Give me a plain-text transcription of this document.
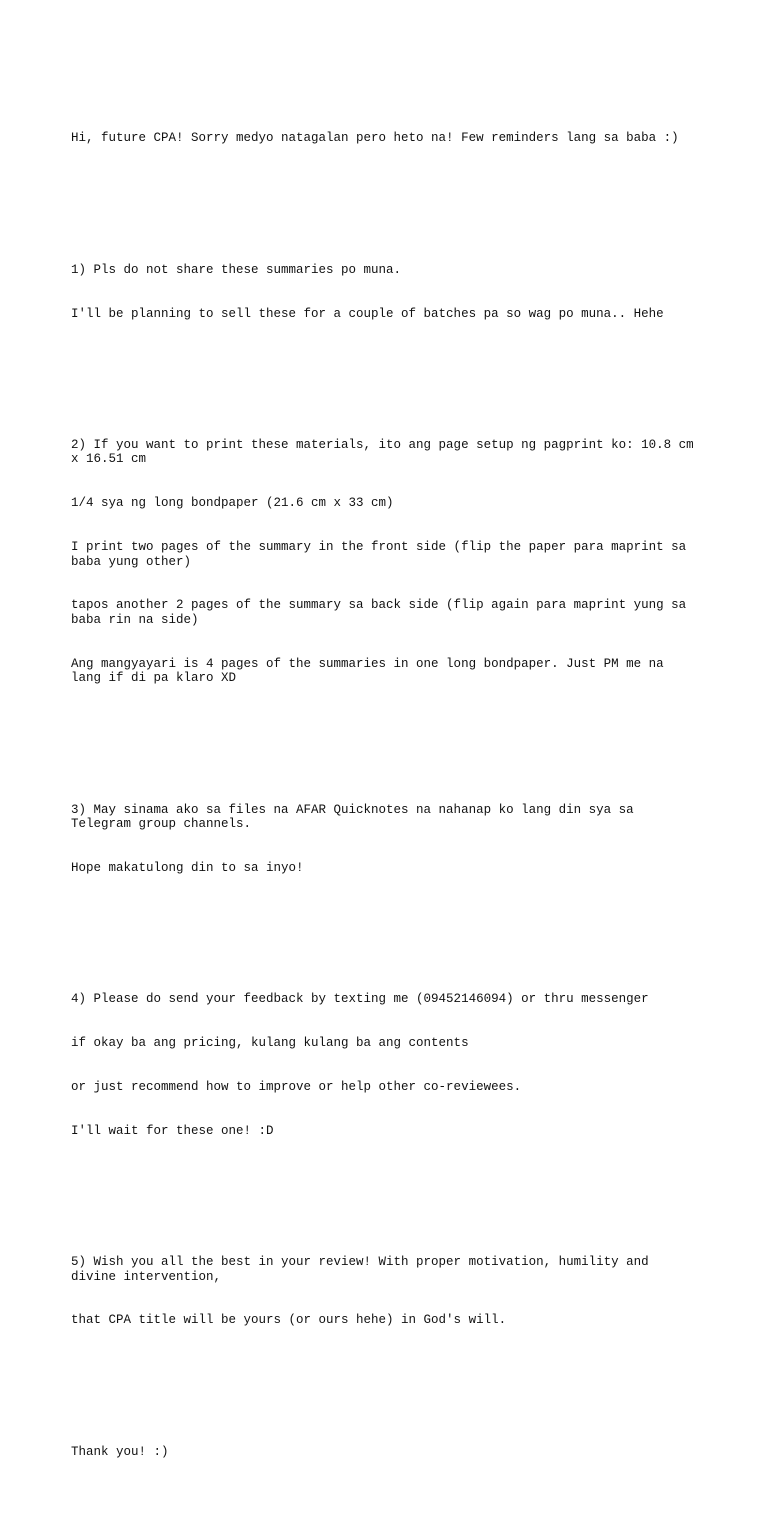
Hi, future CPA! Sorry medyo natagalan pero heto na! Few reminders lang sa baba :)

1) Pls do not share these summaries po muna.

I'll be planning to sell these for a couple of batches pa so wag po muna.. Hehe

2) If you want to print these materials, ito ang page setup ng pagprint ko: 10.8 cm x 16.51 cm

1/4 sya ng long bondpaper (21.6 cm x 33 cm)

I print two pages of the summary in the front side (flip the paper para maprint sa baba yung other)

tapos another 2 pages of the summary sa back side (flip again para maprint yung sa baba rin na side)

Ang mangyayari is 4 pages of the summaries in one long bondpaper. Just PM me na lang if di pa klaro XD

3) May sinama ako sa files na AFAR Quicknotes na nahanap ko lang din sya sa Telegram group channels.

Hope makatulong din to sa inyo!

4) Please do send your feedback by texting me (09452146094) or thru messenger

if okay ba ang pricing, kulang kulang ba ang contents

or just recommend how to improve or help other co-reviewees.

I'll wait for these one! :D

5) Wish you all the best in your review! With proper motivation, humility and divine intervention,

that CPA title will be yours (or ours hehe) in God's will.

Thank you! :)
